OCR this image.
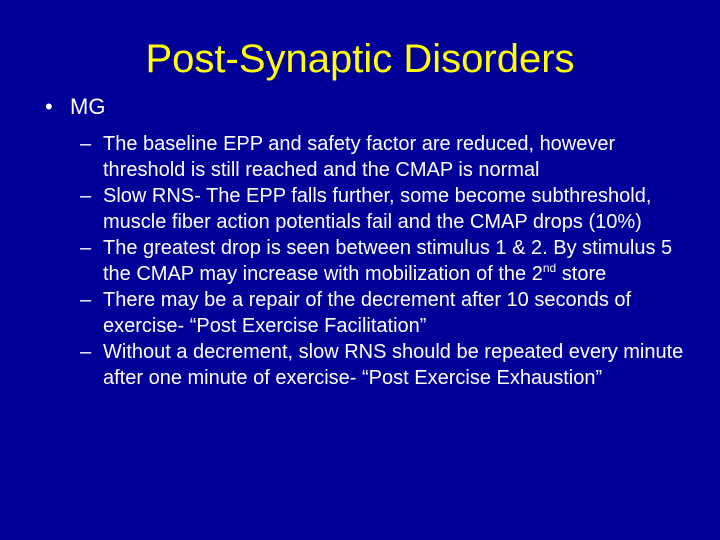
Post-Synaptic Disorders
• MG
– The baseline EPP and safety factor are reduced, however threshold is still reached and the CMAP is normal
– Slow RNS- The EPP falls further, some become subthreshold, muscle fiber action potentials fail and the CMAP drops (10%)
– The greatest drop is seen between stimulus 1 & 2. By stimulus 5 the CMAP may increase with mobilization of the 2nd store
– There may be a repair of the decrement after 10 seconds of exercise- “Post Exercise Facilitation”
– Without a decrement, slow RNS should be repeated every minute after one minute of exercise- “Post Exercise Exhaustion”
